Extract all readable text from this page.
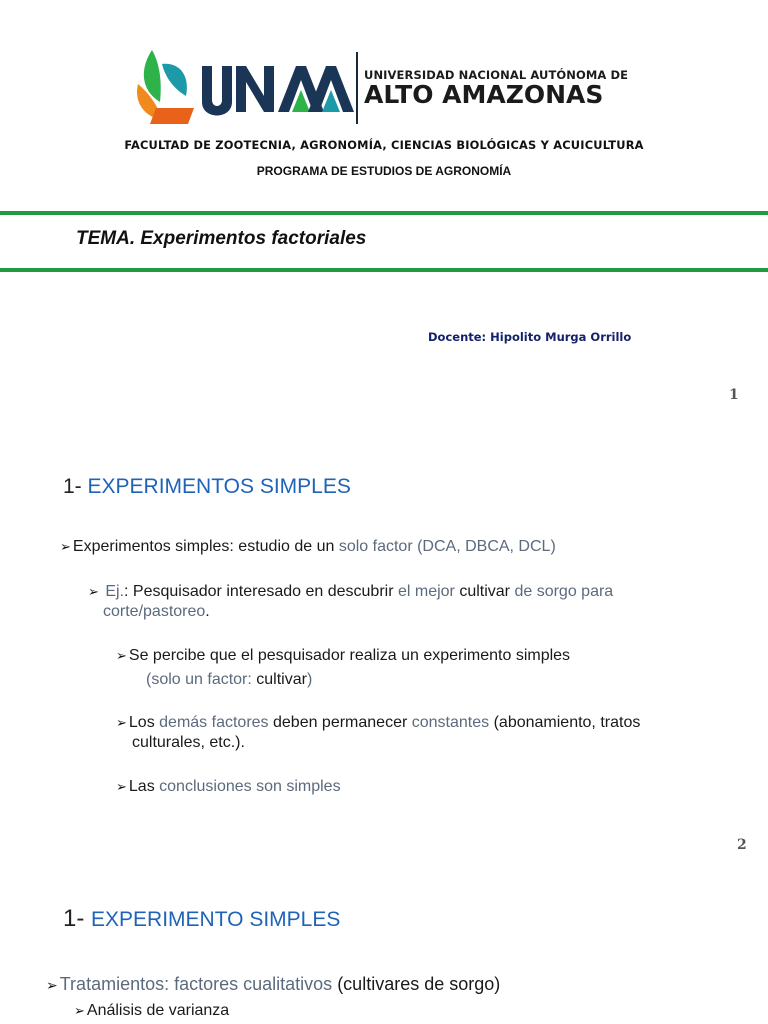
UNIVERSIDAD NACIONAL AUTÓNOMA DE
ALTO AMAZONAS
FACULTAD DE ZOOTECNIA, AGRONOMÍA, CIENCIAS BIOLÓGICAS Y ACUICULTURA
PROGRAMA DE ESTUDIOS DE AGRONOMÍA
TEMA. Experimentos factoriales
Docente: Hipolito Murga Orrillo
1
1- EXPERIMENTOS SIMPLES
➢ Experimentos simples: estudio de un solo factor (DCA, DBCA, DCL)
➢ Ej.: Pesquisador interesado en descubrir el mejor cultivar de sorgo para
corte/pastoreo.
➢ Se percibe que el pesquisador realiza un experimento simples
(solo un factor: cultivar)
➢ Los demás factores deben permanecer constantes (abonamiento, tratos
culturales, etc.).
➢ Las conclusiones son simples
2
1- EXPERIMENTO SIMPLES
➢ Tratamientos: factores cualitativos (cultivares de sorgo)
➢ Análisis de varianza
